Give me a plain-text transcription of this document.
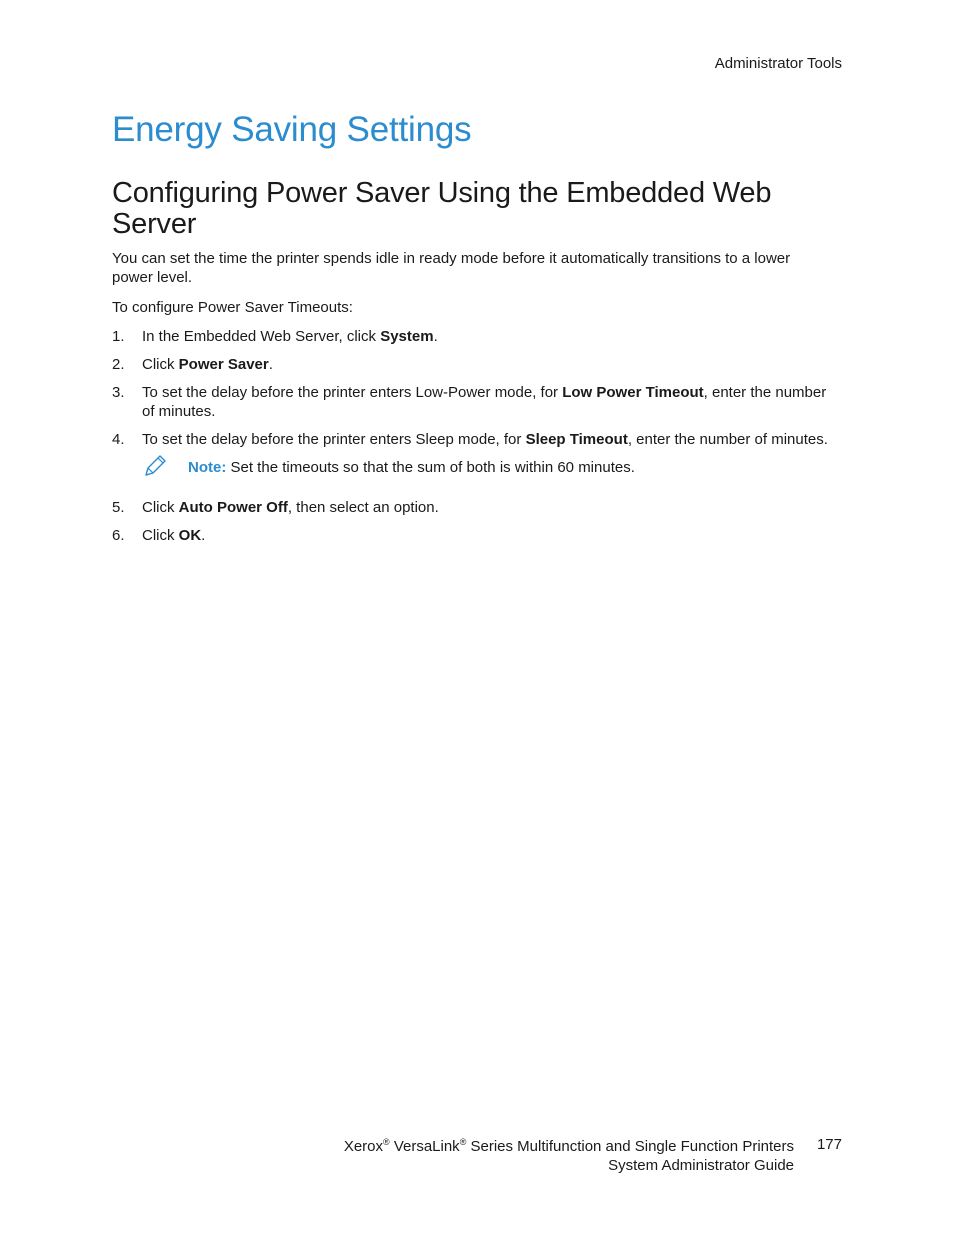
Administrator Tools
Energy Saving Settings
Configuring Power Saver Using the Embedded Web Server

You can set the time the printer spends idle in ready mode before it automatically transitions to a lower power level.

To configure Power Saver Timeouts:

1. In the Embedded Web Server, click System.
2. Click Power Saver.
3. To set the delay before the printer enters Low-Power mode, for Low Power Timeout, enter the number of minutes.
4. To set the delay before the printer enters Sleep mode, for Sleep Timeout, enter the number of minutes.
Note: Set the timeouts so that the sum of both is within 60 minutes.
5. Click Auto Power Off, then select an option.
6. Click OK.
Xerox® VersaLink® Series Multifunction and Single Function Printers
System Administrator Guide
177
